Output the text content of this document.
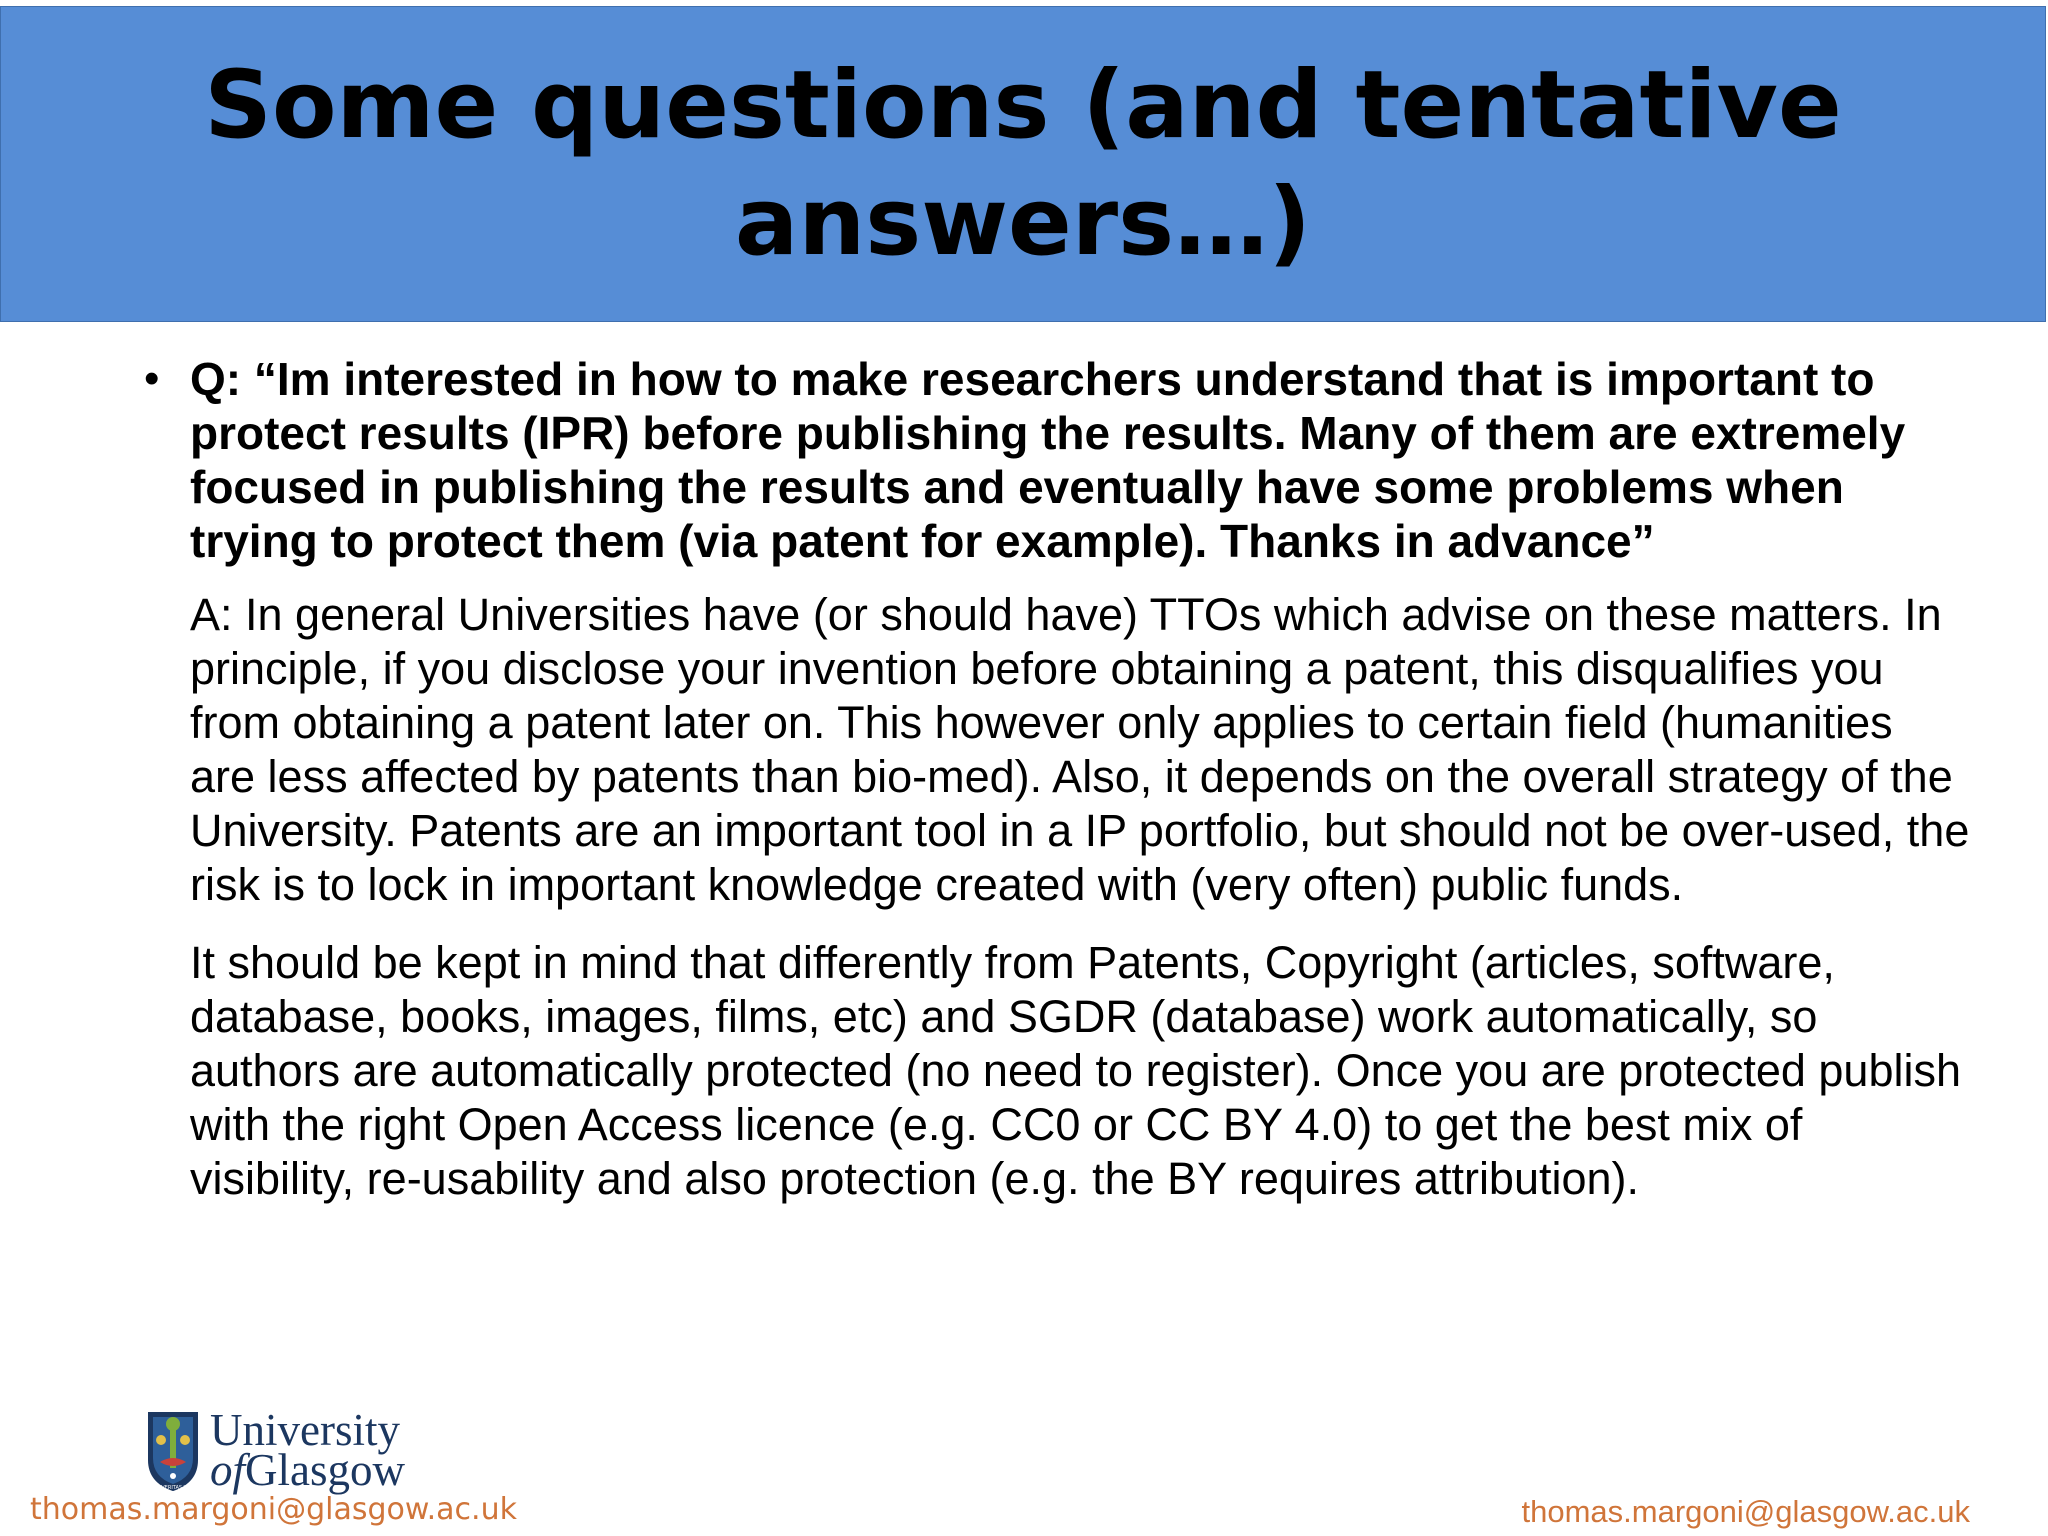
Some questions (and tentative
answers…)
• Q: “Im interested in how to make researchers understand that is important to protect results (IPR) before publishing the results. Many of them are extremely focused in publishing the results and eventually have some problems when trying to protect them (via patent for example). Thanks in advance”

A: In general Universities have (or should have) TTOs which advise on these matters. In principle, if you disclose your invention before obtaining a patent, this disqualifies you from obtaining a patent later on. This however only applies to certain field (humanities are less affected by patents than bio-med). Also, it depends on the overall strategy of the University. Patents are an important tool in a IP portfolio, but should not be over-used, the risk is to lock in important knowledge created with (very often) public funds.

It should be kept in mind that differently from Patents, Copyright (articles, software, database, books, images, films, etc) and SGDR (database) work automatically, so authors are automatically protected (no need to register). Once you are protected publish with the right Open Access licence (e.g. CC0 or CC BY 4.0) to get the best mix of visibility, re-usability and also protection (e.g. the BY requires attribution).

VIA VERITAS VITA
University
ofGlasgow

thomas.margoni@glasgow.ac.uk	thomas.margoni@glasgow.ac.uk
